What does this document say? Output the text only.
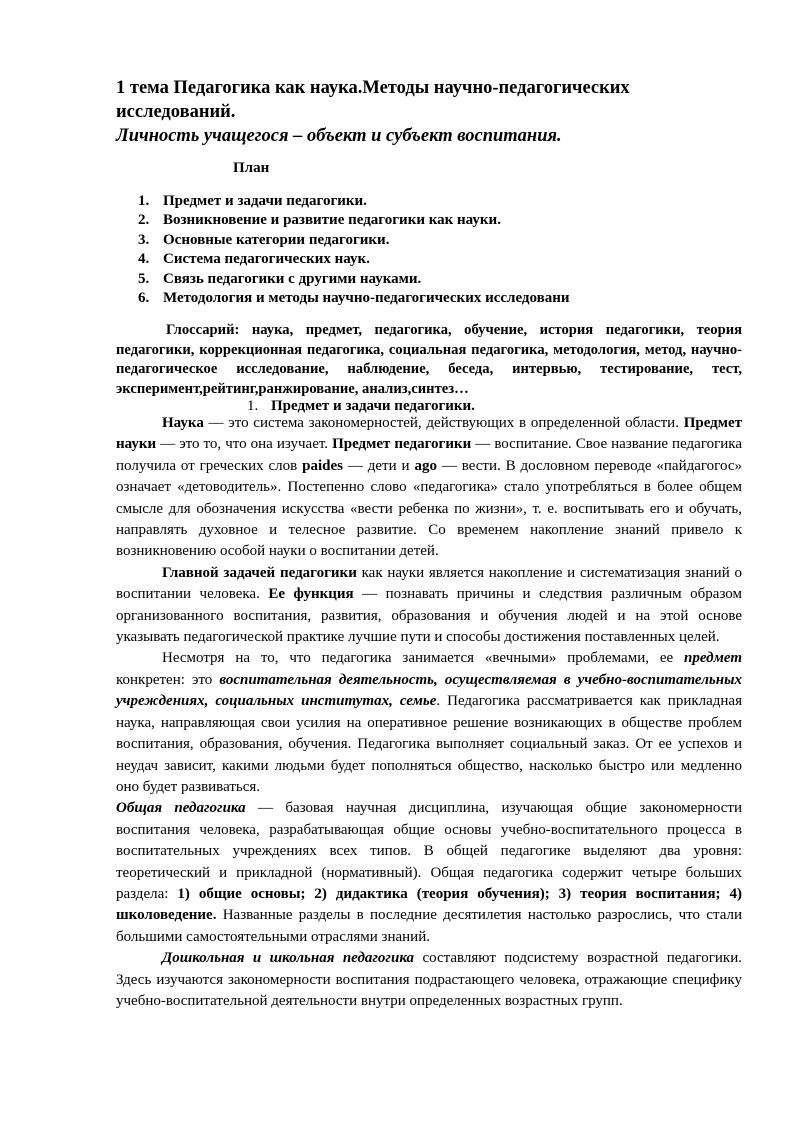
1 тема Педагогика как наука.Методы научно-педагогических
исследований.
Личность учащегося – объект и субъект воспитания.
План
1. Предмет и задачи педагогики.
2. Возникновение и развитие педагогики как науки.
3. Основные категории педагогики.
4. Система педагогических наук.
5. Связь педагогики с другими науками.
6. Методология и методы научно-педагогических исследовани
Глоссарий: наука, предмет, педагогика, обучение, история педагогики, теория педагогики, коррекционная педагогика, социальная педагогика, методология, метод, научно-педагогическое исследование, наблюдение, беседа, интервью, тестирование, тест, эксперимент,рейтинг,ранжирование, анализ,синтез…
1. Предмет и задачи педагогики.

Наука — это система закономерностей, действующих в определенной области. Предмет науки — это то, что она изучает. Предмет педагогики — воспитание. Свое название педагогика получила от греческих слов paides — дети и ago — вести. В дословном переводе «пайдагогос» означает «детоводитель». Постепенно слово «педагогика» стало употребляться в более общем смысле для обозначения искусства «вести ребенка по жизни», т. е. воспитывать его и обучать, направлять духовное и телесное развитие. Со временем накопление знаний привело к возникновению особой науки о воспитании детей.

Главной задачей педагогики как науки является накопление и систематизация знаний о воспитании человека. Ее функция — познавать причины и следствия различным образом организованного воспитания, развития, образования и обучения людей и на этой основе указывать педагогической практике лучшие пути и способы достижения поставленных целей.

Несмотря на то, что педагогика занимается «вечными» проблемами, ее предмет конкретен: это воспитательная деятельность, осуществляемая в учебно-воспитательных учреждениях, социальных институтах, семье. Педагогика рассматривается как прикладная наука, направляющая свои усилия на оперативное решение возникающих в обществе проблем воспитания, образования, обучения. Педагогика выполняет социальный заказ. От ее успехов и неудач зависит, какими людьми будет пополняться общество, насколько быстро или медленно оно будет развиваться.

Общая педагогика — базовая научная дисциплина, изучающая общие закономерности воспитания человека, разрабатывающая общие основы учебно-воспитательного процесса в воспитательных учреждениях всех типов. В общей педагогике выделяют два уровня: теоретический и прикладной (нормативный). Общая педагогика содержит четыре больших раздела: 1) общие основы; 2) дидактика (теория обучения); 3) теория воспитания; 4) школоведение. Названные разделы в последние десятилетия настолько разрослись, что стали большими самостоятельными отраслями знаний.

Дошкольная и школьная педагогика составляют подсистему возрастной педагогики. Здесь изучаются закономерности воспитания подрастающего человека, отражающие специфику учебно-воспитательной деятельности внутри определенных возрастных групп.
